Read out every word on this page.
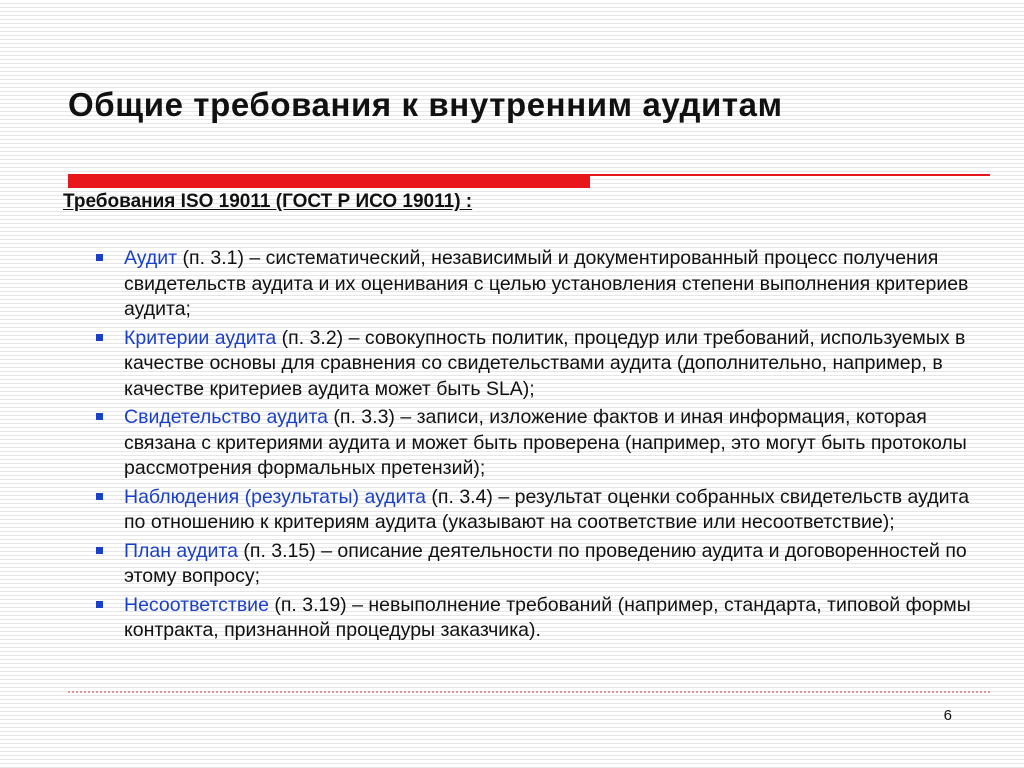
Общие требования к внутренним аудитам
Требования ISO 19011 (ГОСТ Р ИСО 19011) :
Аудит (п. 3.1) – систематический, независимый и документированный процесс получения свидетельств аудита и их оценивания с целью установления степени выполнения критериев аудита;
Критерии аудита (п. 3.2) – совокупность политик, процедур или требований, используемых в качестве основы для сравнения со свидетельствами аудита (дополнительно, например, в качестве критериев аудита может быть SLA);
Свидетельство аудита (п. 3.3) – записи, изложение фактов и иная информация, которая связана с критериями аудита и может быть проверена (например, это могут быть протоколы рассмотрения формальных претензий);
Наблюдения (результаты) аудита (п. 3.4) – результат оценки собранных свидетельств аудита по отношению к критериям аудита (указывают на соответствие или несоответствие);
План аудита (п. 3.15) – описание деятельности по проведению аудита и договоренностей по этому вопросу;
Несоответствие (п. 3.19) – невыполнение требований (например, стандарта, типовой формы контракта, признанной процедуры заказчика).
6
